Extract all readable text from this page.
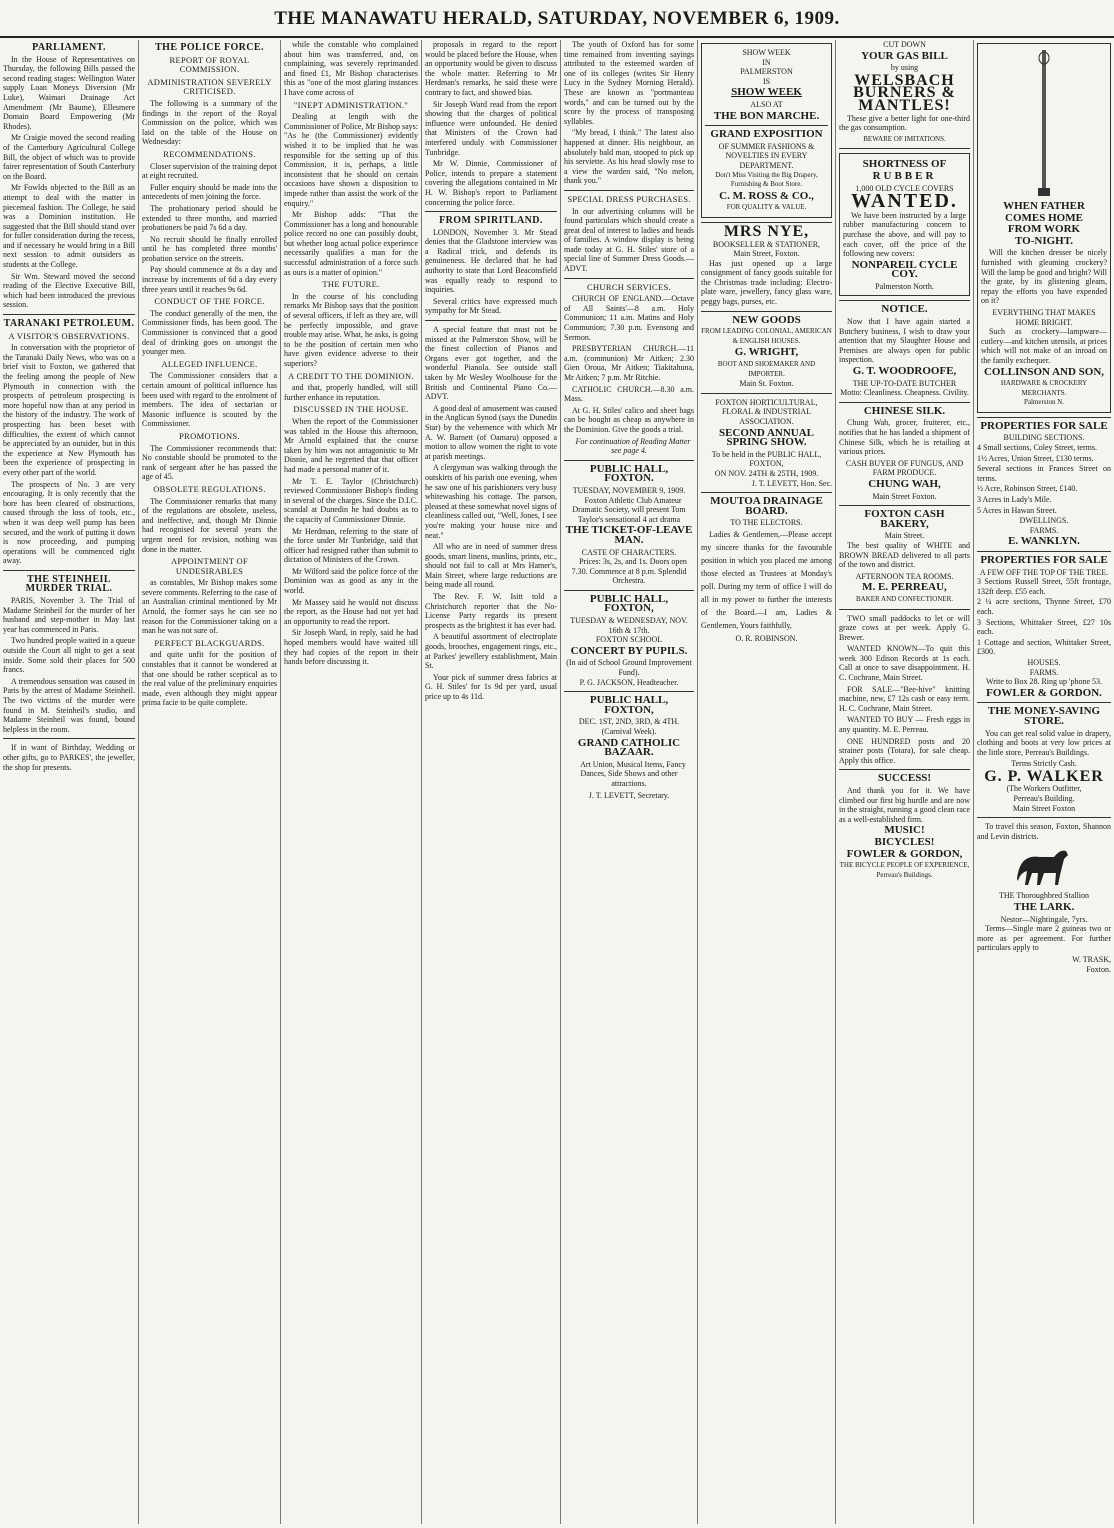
THE MANAWATU HERALD, SATURDAY, NOVEMBER 6, 1909.
PARLIAMENT.

In the House of Representatives on Thursday, the following Bills passed the second reading stages: Wellington Water supply Loan Moneys Diversion (Mr Luke), Waimari Drainage Act Amendment (Mr Baume), Ellesmere Domain Board Empowering (Mr Rhodes).

Mr Craigie moved the second reading of the Canterbury Agricultural College Bill, the object of which was to provide fairer representation of South Canterbury on the Board.

Mr Fowlds objected to the Bill as an attempt to deal with the matter in piecemeal fashion. The College, he said was a Dominion institution. He suggested that the Bill should stand over for fuller consideration during the recess, and if necessary he would bring in a Bill next session to admit outsiders as students at the College.

Sir Wm. Steward moved the second reading of the Elective Executive Bill, which had been introduced the previous session.

TARANAKI PETROLEUM.
A VISITOR'S OBSERVATIONS.

In conversation with the proprietor of the Taranaki Daily News, who was on a brief visit to Foxton, we gathered that the feeling among the people of New Plymouth in connection with the prospects of petroleum prospecting is more hopeful now than at any period in the history of the industry. The work of prospecting has been beset with difficulties, the extent of which cannot be appreciated by an outsider, but in this the experience at New Plymouth has been the experience of prospecting in every other part of the world.

The prospects of No. 3 are very encouraging. It is only recently that the bore has been cleared of obstructions, caused through the loss of tools, etc., when it was deep well pump has been secured, and the work of putting it down is now proceeding, and pumping operations will be commenced right away.

THE STEINHEIL MURDER TRIAL.

PARIS, November 3. The Trial of Madame Steinheil for the murder of her husband and step-mother in May last year has commenced in Paris.

Two hundred people waited in a queue outside the Court all night to get a seat inside. Some sold their places for 500 francs.

A tremendous sensation was caused in Paris by the arrest of Madame Steinheil. The two victims of the murder were found in M. Steinheil's studio, and Madame Steinheil was found, bound helpless in the room.

If in want of Birthday, Wedding or other gifts, go to PARKES', the jeweller, the shop for presents.

THE POLICE FORCE.
REPORT OF ROYAL COMMISSION.
ADMINISTRATION SEVERELY CRITICISED.

The following is a summary of the findings in the report of the Royal Commission on the police, which was laid on the table of the House on Wednesday:

RECOMMENDATIONS.

Closer supervision of the training depot at eight recruited.

Fuller enquiry should be made into the antecedents of men joining the force.

The probationary period should be extended to three months, and married probationers be paid 7s 6d a day.

No recruit should be finally enrolled until he has completed three months' probation service on the streets.

Pay should commence at 8s a day and increase by increments of 6d a day every three years until it reaches 9s 6d.

CONDUCT OF THE FORCE.

The conduct generally of the men, the Commissioner finds, has been good. The Commissioner is convinced that a good deal of drinking goes on amongst the younger men.

ALLEGED INFLUENCE.

The Commissioner considers that a certain amount of political influence has been used with regard to the enrolment of members. The idea of sectarian or Masonic influence is scouted by the Commissioner.

PROMOTIONS.

The Commissioner recommends that: No constable should be promoted to the rank of sergeant after he has passed the age of 45.

OBSOLETE REGULATIONS.

The Commissioner remarks that many of the regulations are obsolete, useless, and ineffective, and, though Mr Dinnie had recognised for several years the urgent need for revision, nothing was done in the matter.

APPOINTMENT OF UNDESIRABLES

as constables, Mr Bishop makes some severe comments. Referring to the case of an Australian criminal mentioned by Mr Arnold, the former says he can see no reason for the Commissioner taking on a man he was not sure of.

PERFECT BLACKGUARDS.

and quite unfit for the position of constables that it cannot be wondered at that one should be rather sceptical as to the real value of the preliminary enquiries made, even although they might appear prima facie to be quite complete.

while the constable who complained about him was transferred, and, on complaining, was severely reprimanded and fined £1, Mr Bishop characterises this as "one of the most glaring instances I have come across of

"INEPT ADMINISTRATION."

Dealing at length with the Commissioner of Police, Mr Bishop says: "As he (the Commissioner) evidently wished it to be implied that he was responsible for the setting up of this Commission, it is, perhaps, a little inconsistent that he should on certain occasions have shown a disposition to impede rather than assist the work of the enquiry."

Mr Bishop adds: "That the Commissioner has a long and honourable police record no one can possibly doubt, but whether long actual police experience necessarily qualifies a man for the successful administration of a force such as ours is a matter of opinion."

THE FUTURE.

In the course of his concluding remarks Mr Bishop says that the position of several officers, if left as they are, will be perfectly impossible, and grave trouble may arise. What, he asks, is going to be the position of certain men who have given evidence adverse to their superiors?

A CREDIT TO THE DOMINION.

and that, properly handled, will still further enhance its reputation.

DISCUSSED IN THE HOUSE.

When the report of the Commissioner was tabled in the House this afternoon, Mr Arnold explained that the course taken by him was not antagonistic to Mr Dinnie, and he regretted that that officer had made a personal matter of it.

Mr T. E. Taylor (Christchurch) reviewed Commissioner Bishop's finding in several of the charges. Since the D.I.C. scandal at Dunedin he had doubts as to the capacity of Commissioner Dinnie.

Mr Herdman, referring to the state of the force under Mr Tunbridge, said that officer had resigned rather than submit to dictation of Ministers of the Crown.

Mr Wilford said the police force of the Dominion was as good as any in the world.

Mr Massey said he would not discuss the report, as the House had not yet had an opportunity to read the report.

Sir Joseph Ward, in reply, said he had hoped members would have waited till they had copies of the report in their hands before discussing it.

proposals in regard to the report would be placed before the House, when an opportunity would be given to discuss the whole matter. Referring to Mr Herdman's remarks, he said these were contrary to fact, and showed bias.

Sir Joseph Ward read from the report showing that the charges of political influence were unfounded. He denied that Ministers of the Crown had interfered unduly with Commissioner Tunbridge.

Mr W. Dinnie, Commissioner of Police, intends to prepare a statement covering the allegations contained in Mr H. W. Bishop's report to Parliament concerning the police force.

FROM SPIRITLAND.

LONDON, November 3. Mr Stead denies that the Gladstone interview was a Radical trick, and defends its genuineness. He declared that he had authority to state that Lord Beaconsfield was equally ready to respond to inquiries.

Several critics have expressed much sympathy for Mr Stead.

A special feature that must not be missed at the Palmerston Show, will be the finest collection of Pianos and Organs ever got together, and the wonderful Pianola. See outside stall taken by Mr Wesley Woolhouse for the British and Continental Piano Co.—ADVT.

A good deal of amusement was caused in the Anglican Synod (says the Dunedin Star) by the vehemence with which Mr A. W. Barnett (of Oamaru) opposed a motion to allow women the right to vote at parish meetings.

A clergyman was walking through the outskirts of his parish one evening, when he saw one of his parishioners very busy whitewashing his cottage. The parson, pleased at these somewhat novel signs of cleanliness called out, "Well, Jones, I see you're making your house nice and neat."

All who are in need of summer dress goods, smart linens, muslins, prints, etc., should not fail to call at Mrs Hamer's, Main Street, where large reductions are being made all round.

The Rev. F. W. Isitt told a Christchurch reporter that the No-License Party regards its present prospects as the brightest it has ever had.

A beautiful assortment of electroplate goods, brooches, engagement rings, etc., at Parkes' jewellery establishment, Main St.

Your pick of summer dress fabrics at G. H. Stiles' for 1s 9d per yard, usual price up to 4s 11d.

The youth of Oxford has for some time remained from inventing sayings attributed to the esteemed warden of one of its colleges (writes Sir Henry Lucy in the Sydney Morning Herald). These are known as "portmanteau words," and can be turned out by the score by the process of transposing syllables.

"My bread, I think." The latest also happened at dinner. His neighbour, an absolutely bald man, stooped to pick up his serviette. As his head slowly rose to a view the warden said, "No melon, thank you."

SPECIAL DRESS PURCHASES.

In our advertising columns will be found particulars which should create a great deal of interest to ladies and heads of families. A window display is being made today at G. H. Stiles' store of a special line of Summer Dress Goods.—ADVT.

CHURCH SERVICES.

CHURCH OF ENGLAND.—Octave of All Saints'—8 a.m. Holy Communion; 11 a.m. Matins and Holy Communion; 7.30 p.m. Evensong and Sermon.

PRESBYTERIAN CHURCH.—11 a.m. (communion) Mr Aitken; 2.30 Gien Oroua, Mr Aitken; Tiakitahuna, Mr Aitken; 7 p.m. Mr Ritchie.

CATHOLIC CHURCH.—8.30 a.m. Mass.

At G. H. Stiles' calico and sheet bags can be bought as cheap as anywhere in the Dominion. Give the goods a trial.

For continuation of Reading Matter see page 4.

PUBLIC HALL, FOXTON.
TUESDAY, NOVEMBER 9, 1909.

Foxton Athletic Club Amateur Dramatic Society, will present Tom Taylor's sensational 4 act drama

THE TICKET-OF-LEAVE MAN.
CASTE OF CHARACTERS.

Prices: 3s, 2s, and 1s. Doors open 7.30. Commence at 8 p.m. Splendid Orchestra.

PUBLIC HALL, FOXTON,
TUESDAY & WEDNESDAY, NOV. 16th & 17th.
FOXTON SCHOOL
CONCERT BY PUPILS.
(In aid of School Ground Improvement Fund).
P. G. JACKSON, Headteacher.
PUBLIC HALL, FOXTON,
DEC. 1ST, 2ND, 3RD, & 4TH. (Carnival Week).
GRAND CATHOLIC BAZAAR.

Art Union, Musical Items, Fancy Dances, Side Shows and other attractions.

J. T. LEVETT, Secretary.
SHOW WEEK
IN
PALMERSTON
IS
SHOW WEEK
ALSO AT
THE BON MARCHE.
GRAND EXPOSITION
OF SUMMER FASHIONS & NOVELTIES IN EVERY DEPARTMENT.
Don't Miss Visiting the Big Drapery, Furnishing & Boot Store.
C. M. ROSS & CO.,
FOR QUALITY & VALUE.
MRS NYE,
BOOKSELLER & STATIONER,
Main Street, Foxton.

Has just opened up a large consignment of fancy goods suitable for the Christmas trade including: Electro-plate ware, jewellery, fancy glass ware, peggy bags, purses, etc.

NEW GOODS
FROM LEADING COLONIAL, AMERICAN & ENGLISH HOUSES.
G. WRIGHT,
BOOT AND SHOEMAKER AND IMPORTER.
Main St. Foxton.
FOXTON HORTICULTURAL, FLORAL & INDUSTRIAL ASSOCIATION.
SECOND ANNUAL SPRING SHOW.
To be held in the PUBLIC HALL, FOXTON,
ON NOV. 24TH & 25TH, 1909.
J. T. LEVETT, Hon. Sec.
MOUTOA DRAINAGE BOARD.
TO THE ELECTORS.

Ladies & Gentlemen,—Please accept my sincere thanks for the favourable position in which you placed me among those elected as Trustees at Monday's poll. During my term of office I will do all in my power to further the interests of the Board.—I am, Ladies & Gentlemen, Yours faithfully,

O. R. ROBINSON.
CUT DOWN
YOUR GAS BILL
by using
WELSBACH
BURNERS &
MANTLES!

These give a better light for one-third the gas consumption.

BEWARE OF IMITATIONS.
SHORTNESS OF
RUBBER
1,000 OLD CYCLE COVERS
WANTED.

We have been instructed by a large rubber manufacturing concern to purchase the above, and will pay to each cover, off the price of the following new covers:

NONPAREIL CYCLE COY.
Palmerston North.
NOTICE.

Now that I have again started a Butchery business, I wish to draw your attention that my Slaughter House and Premises are always open for public inspection.

G. T. WOODROOFE,
THE UP-TO-DATE BUTCHER
Motto: Cleanliness. Cheapness. Civility.
CHINESE SILK.

Chung Wah, grocer, fruiterer, etc., notifies that he has landed a shipment of Chinese Silk, which he is retailing at various prices.

CASH BUYER OF FUNGUS, AND FARM PRODUCE.
CHUNG WAH,
Main Street Foxton.
FOXTON CASH BAKERY,
Main Street.

The best quality of WHITE and BROWN BREAD delivered to all parts of the town and district.

AFTERNOON TEA ROOMS.
M. E. PERREAU,
BAKER AND CONFECTIONER.

TWO small paddocks to let or will graze cows at per week. Apply G. Brewer.

WANTED KNOWN—To quit this week 300 Edison Records at 1s each. Call at once to save disappointment. H. C. Cochrane, Main Street.

FOR SALE—"Bee-hive" knitting machine, new, £7 12s cash or easy term. H. C. Cochrane, Main Street.

WANTED TO BUY — Fresh eggs in any quantity. M. E. Perreau.

ONE HUNDRED posts and 20 strainer posts (Totara), for sale cheap. Apply this office.

SUCCESS!

And thank you for it. We have climbed our first big hurdle and are now in the straight, running a good clean race as a well-established firm.

MUSIC!
BICYCLES!
FOWLER & GORDON,
THE BICYCLE PEOPLE OF EXPERIENCE,
Perreau's Buildings.
WHEN FATHER
COMES HOME
FROM WORK
TO-NIGHT.

Will the kitchen dresser be nicely furnished with gleaming crockery? Will the lamp be good and bright? Will the grate, by its glistening gleam, repay the efforts you have expended on it?

EVERYTHING THAT MAKES HOME BRIGHT.

Such as crockery—lampware—cutlery—and kitchen utensils, at prices which will not make of an inroad on the family exchequer.

COLLINSON AND SON,
HARDWARE & CROCKERY MERCHANTS.
Palmerston N.
PROPERTIES FOR SALE
BUILDING SECTIONS.
4 Small sections, Coley Street, terms.
1½ Acres, Union Street, £130 terms.
Several sections in Frances Street on terms.
½ Acre, Robinson Street, £140.
3 Acres in Lady's Mile.
5 Acres in Hawan Street.
DWELLINGS.
FARMS.
E. WANKLYN.
PROPERTIES FOR SALE
A FEW OFF THE TOP OF THE TREE.
3 Sections Russell Street, 55ft frontage, 132ft deep. £55 each.
2 ¼ acre sections, Thynne Street, £70 each.
3 Sections, Whittaker Street, £27 10s each.
1 Cottage and section, Whittaker Street, £300.
HOUSES.
FARMS.
Write to Box 28. Ring up 'phone 53.
FOWLER & GORDON.
THE MONEY-SAVING STORE.

You can get real solid value in drapery, clothing and boots at very low prices at the little store, Perreau's Buildings.

Terms Strictly Cash.
G. P. WALKER
(The Workers Outfitter,
Perreau's Building.
Main Street Foxton

To travel this season, Foxton, Shannon and Levin districts.

THE Thoroughbred Stallion
THE LARK.
Nestor—Nightingale, 7yrs.

Terms—Single mare 2 guineas two or more as per agreement. For further particulars apply to

W. TRASK,
Foxton.
